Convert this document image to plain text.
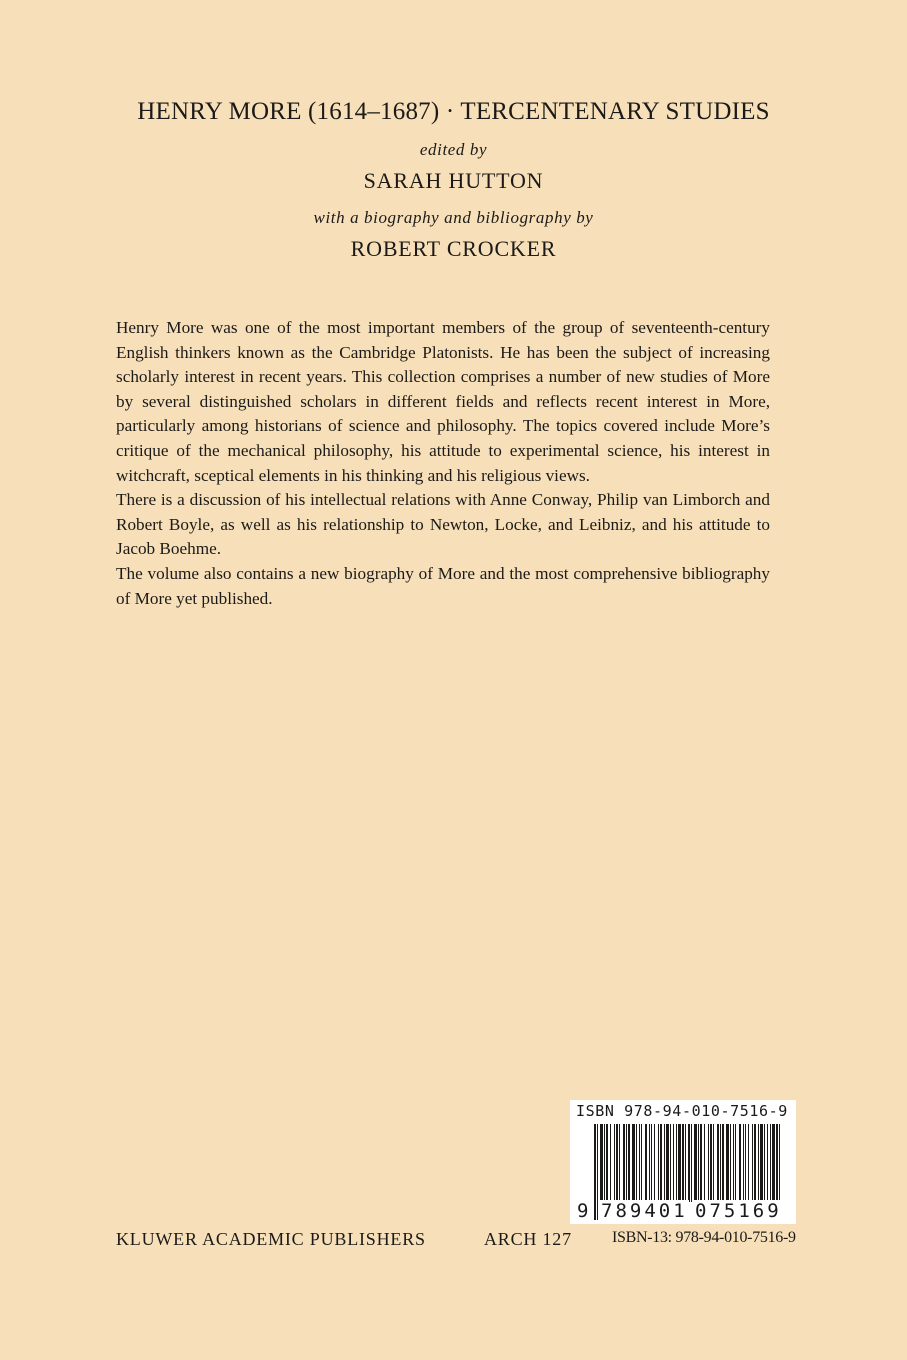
HENRY MORE (1614–1687) · TERCENTENARY STUDIES
edited by
SARAH HUTTON
with a biography and bibliography by
ROBERT CROCKER

Henry More was one of the most important members of the group of seventeenth-century English thinkers known as the Cambridge Platonists. He has been the subject of increasing scholarly interest in recent years. This collection comprises a number of new studies of More by several distinguished scholars in different fields and reflects recent interest in More, particularly among historians of science and philosophy. The topics covered include More’s critique of the mechanical philosophy, his attitude to experimental science, his interest in witchcraft, sceptical elements in his thinking and his religious views.

There is a discussion of his intellectual relations with Anne Conway, Philip van Limborch and Robert Boyle, as well as his relationship to Newton, Locke, and Leibniz, and his attitude to Jacob Boehme.

The volume also contains a new biography of More and the most comprehensive bibliography of More yet published.

ISBN 978-94-010-7516-9
9 789401 075169
KLUWER ACADEMIC PUBLISHERS	ARCH 127	ISBN-13: 978-94-010-7516-9
